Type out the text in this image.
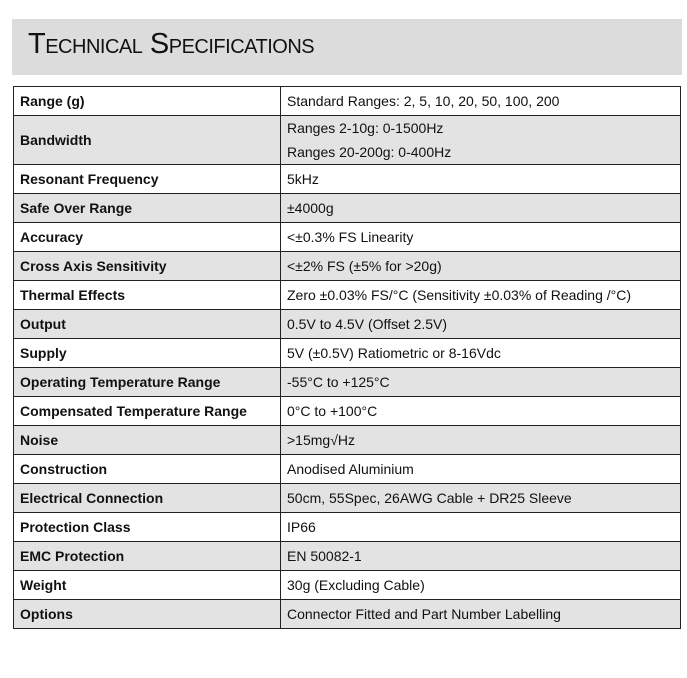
Technical Specifications
Range (g)	Standard Ranges: 2, 5, 10, 20, 50, 100, 200
Bandwidth	Ranges 2-10g: 0-1500Hz
Ranges 20-200g: 0-400Hz

Resonant Frequency	5kHz
Safe Over Range	±4000g
Accuracy	<±0.3% FS Linearity
Cross Axis Sensitivity	<±2% FS (±5% for >20g)
Thermal Effects	Zero ±0.03% FS/°C (Sensitivity ±0.03% of Reading /°C)
Output	0.5V to 4.5V (Offset 2.5V)
Supply	5V (±0.5V) Ratiometric or 8-16Vdc
Operating Temperature Range	-55°C to +125°C
Compensated Temperature Range	0°C to +100°C
Noise	>15mg√Hz
Construction	Anodised Aluminium
Electrical Connection	50cm, 55Spec, 26AWG Cable + DR25 Sleeve
Protection Class	IP66
EMC Protection	EN 50082-1
Weight	30g (Excluding Cable)
Options	Connector Fitted and Part Number Labelling
